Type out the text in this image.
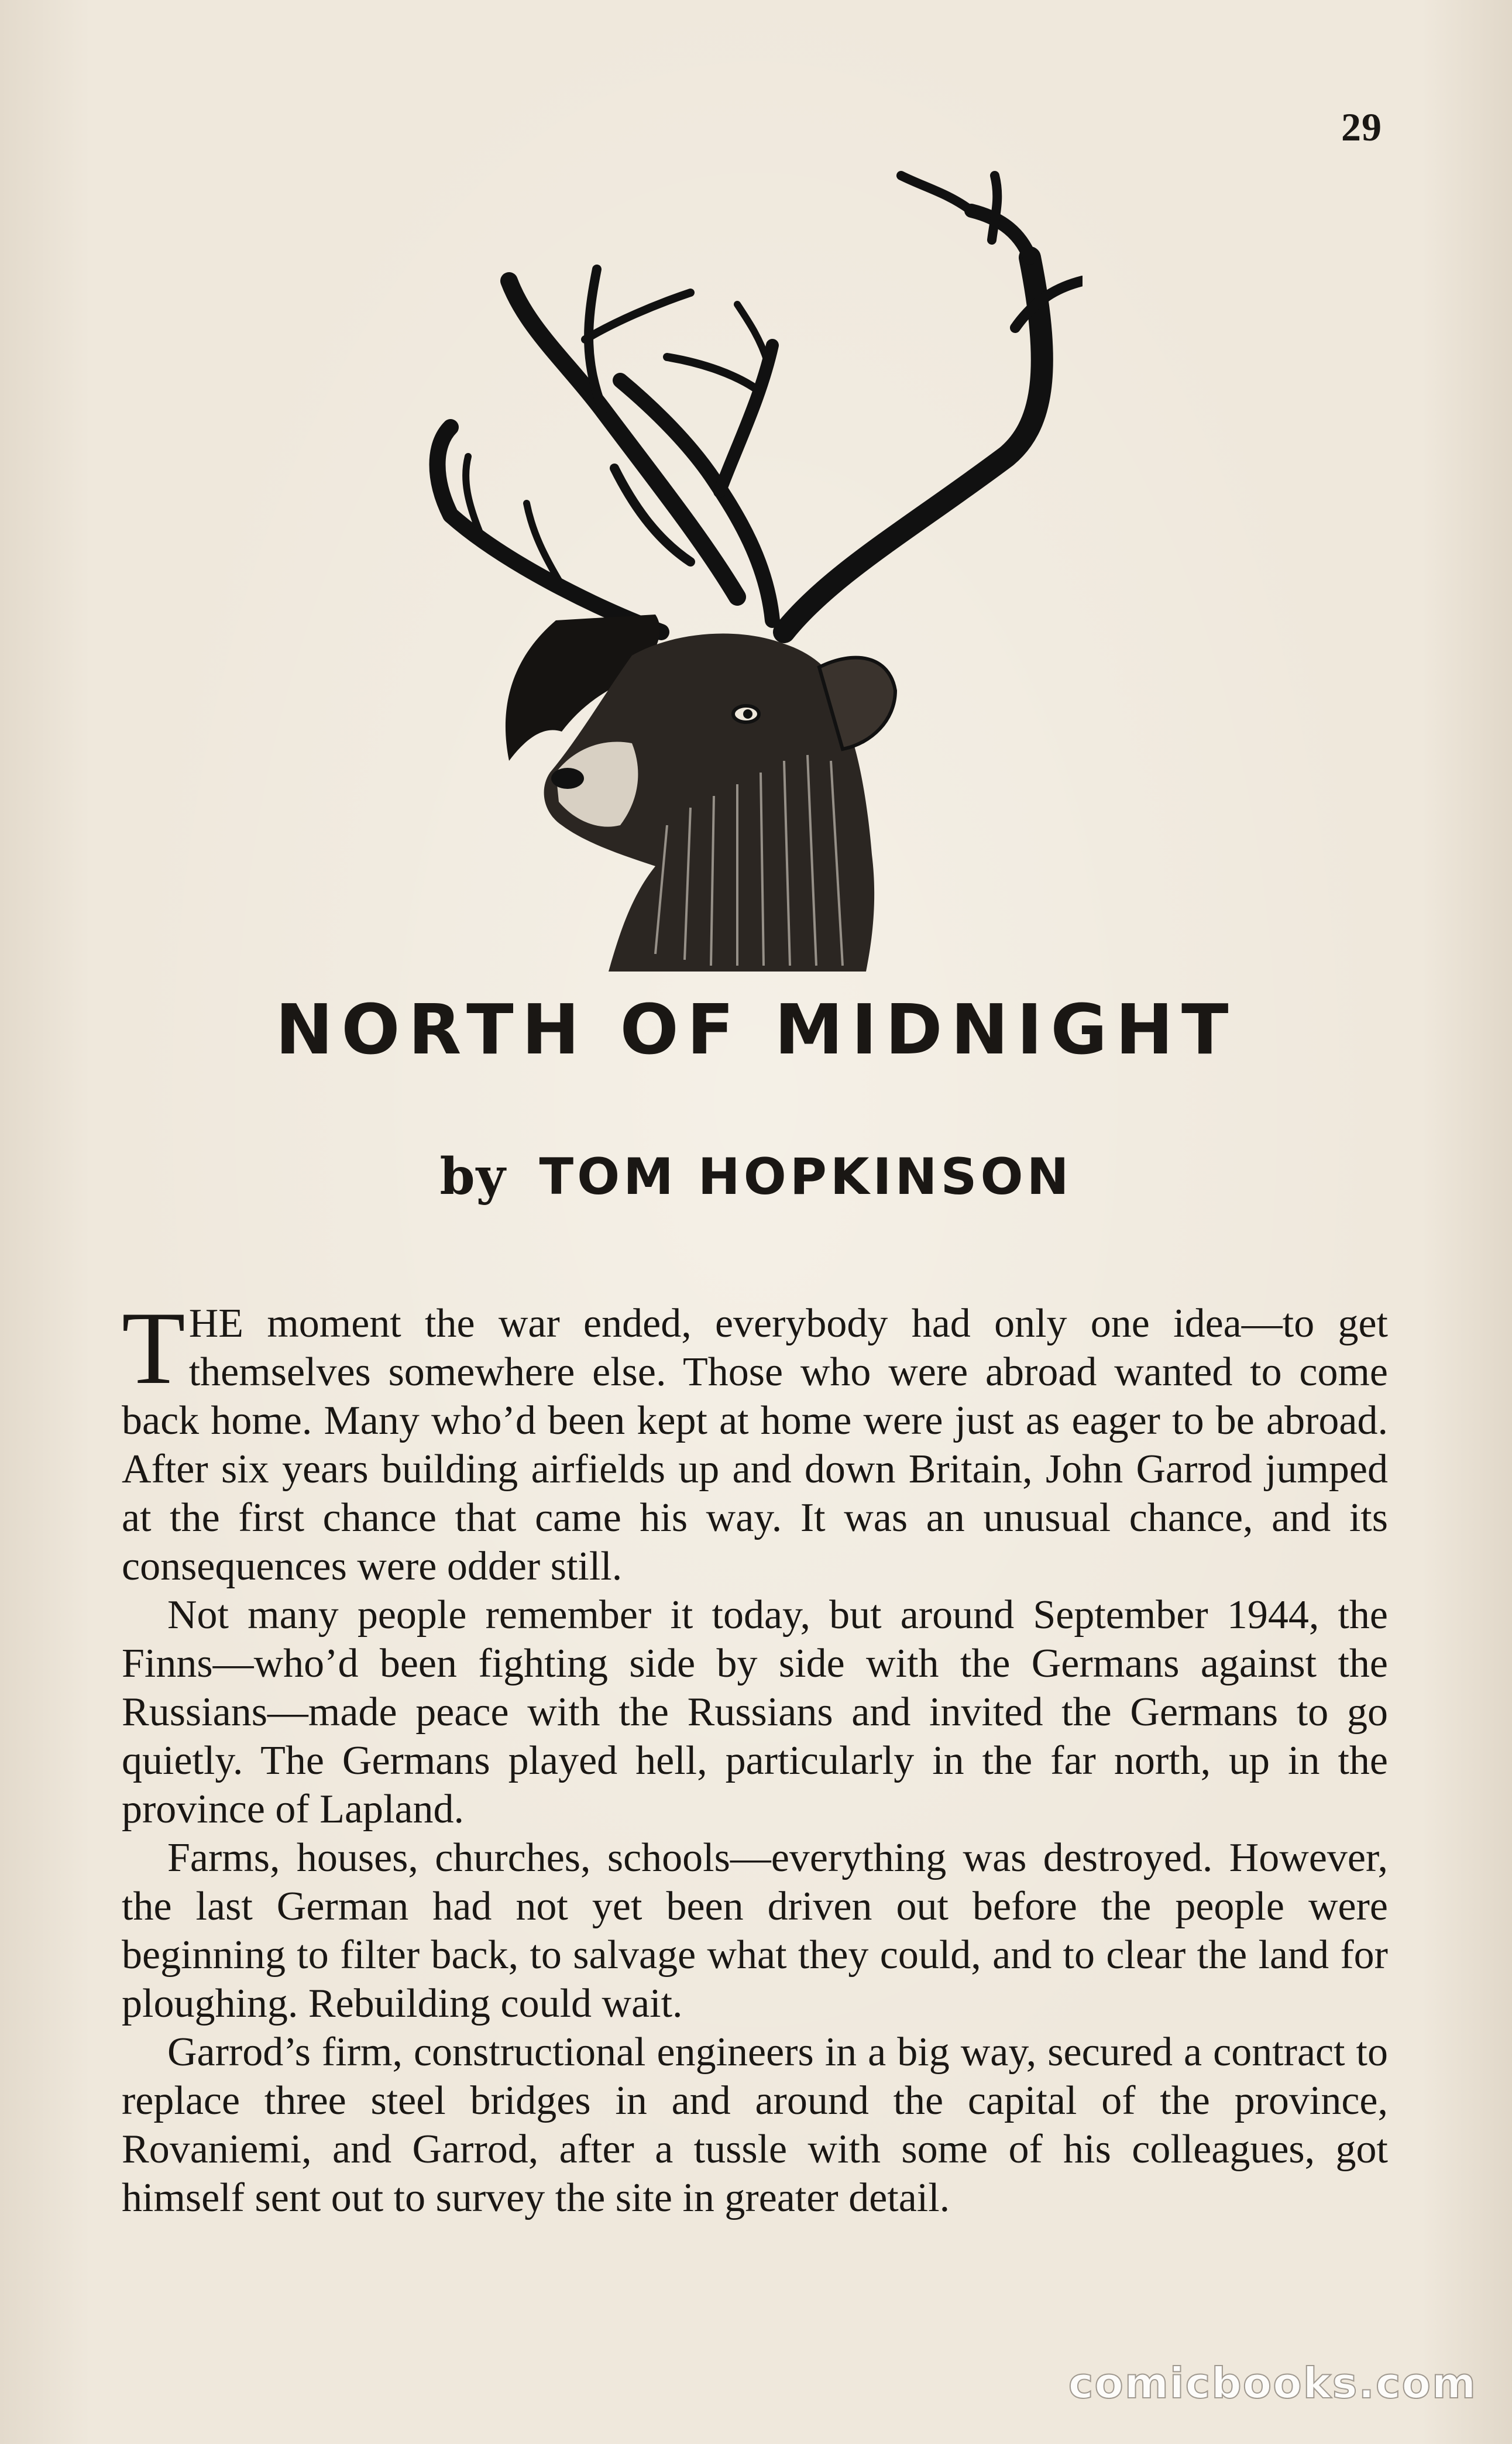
29
NORTH OF MIDNIGHT
by TOM HOPKINSON

THE moment the war ended, everybody had only one idea—to get themselves somewhere else. Those who were abroad wanted to come back home. Many who’d been kept at home were just as eager to be abroad. After six years building airfields up and down Britain, John Garrod jumped at the first chance that came his way. It was an unusual chance, and its consequences were odder still.

Not many people remember it today, but around September 1944, the Finns—who’d been fighting side by side with the Germans against the Russians—made peace with the Russians and invited the Germans to go quietly. The Germans played hell, particularly in the far north, up in the province of Lapland.

Farms, houses, churches, schools—everything was destroyed. However, the last German had not yet been driven out before the people were beginning to filter back, to salvage what they could, and to clear the land for ploughing. Rebuilding could wait.

Garrod’s firm, constructional engineers in a big way, secured a contract to replace three steel bridges in and around the capital of the province, Rovaniemi, and Garrod, after a tussle with some of his colleagues, got himself sent out to survey the site in greater detail.

comicbooks.com
